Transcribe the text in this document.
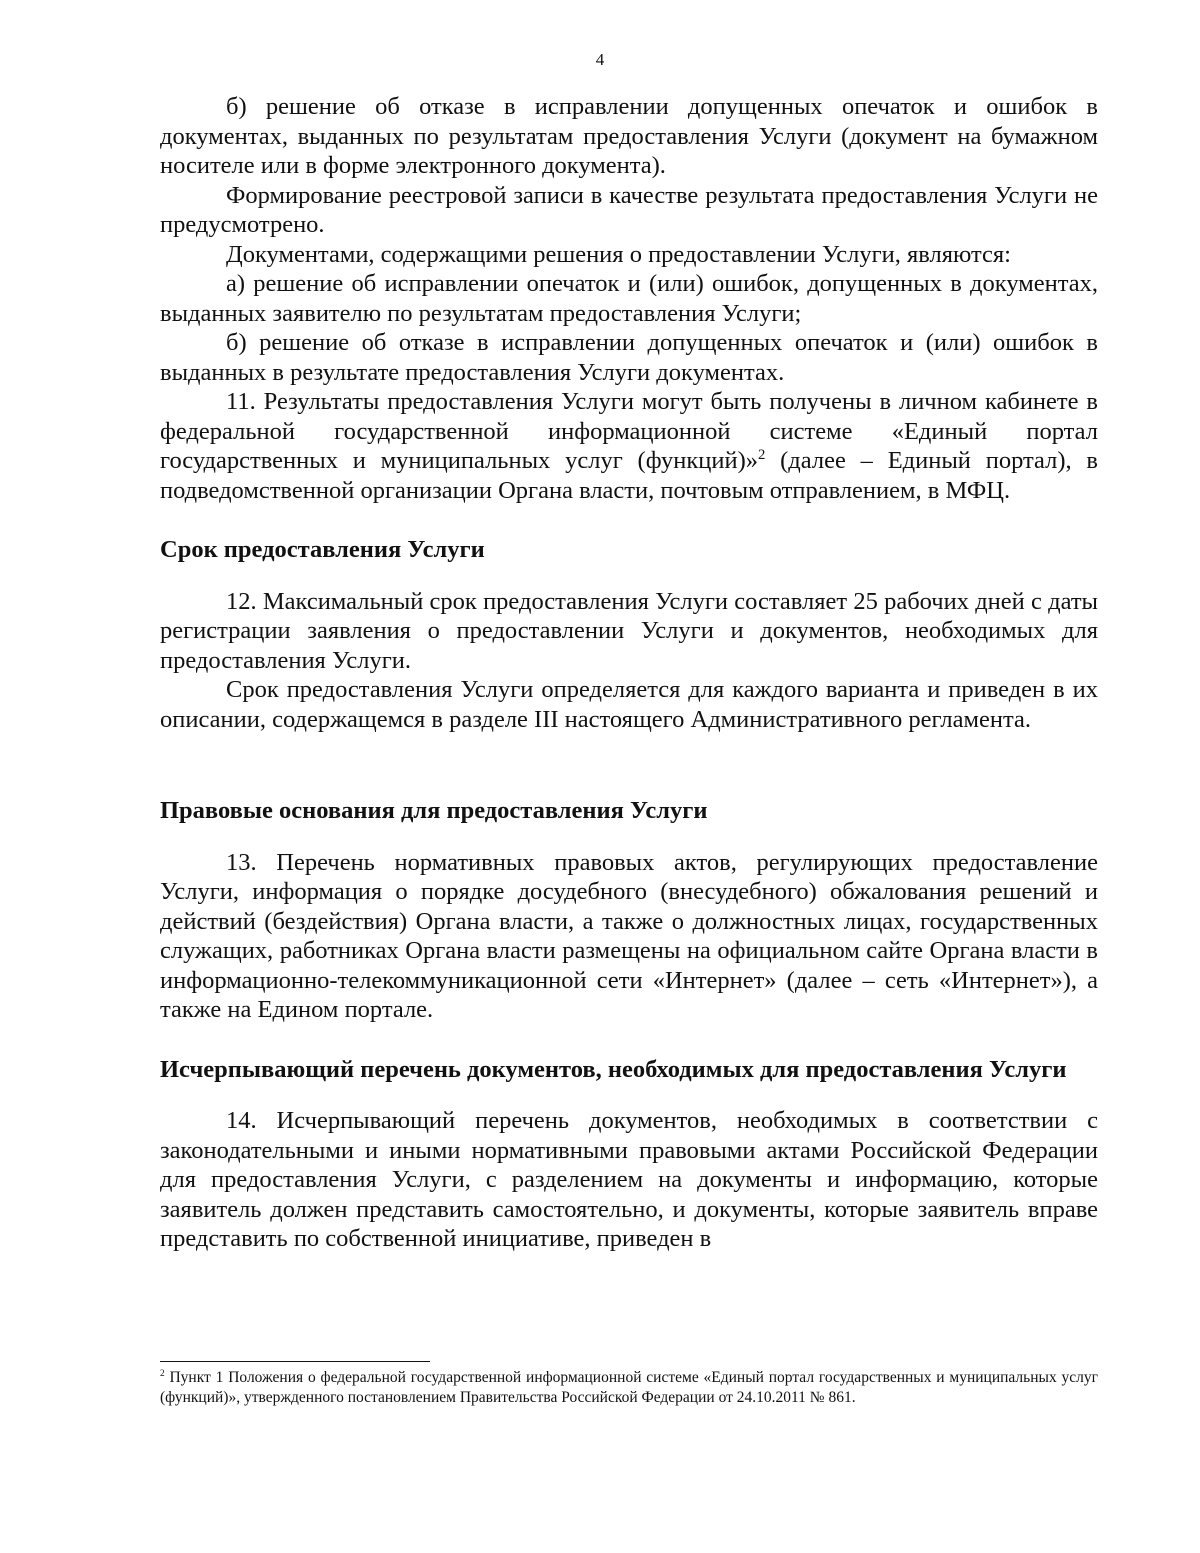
4

б) решение об отказе в исправлении допущенных опечаток и ошибок в документах, выданных по результатам предоставления Услуги (документ на бумажном носителе или в форме электронного документа).

Формирование реестровой записи в качестве результата предоставления Услуги не предусмотрено.

Документами, содержащими решения о предоставлении Услуги, являются:

а) решение об исправлении опечаток и (или) ошибок, допущенных в документах, выданных заявителю по результатам предоставления Услуги;

б) решение об отказе в исправлении допущенных опечаток и (или) ошибок в выданных в результате предоставления Услуги документах.

11. Результаты предоставления Услуги могут быть получены в личном кабинете в федеральной государственной информационной системе «Единый портал государственных и муниципальных услуг (функций)»$^2$ (далее – Единый портал), в подведомственной организации Органа власти, почтовым отправлением, в МФЦ.

Срок предоставления Услуги

12. Максимальный срок предоставления Услуги составляет 25 рабочих дней с даты регистрации заявления о предоставлении Услуги и документов, необходимых для предоставления Услуги.

Срок предоставления Услуги определяется для каждого варианта и приведен в их описании, содержащемся в разделе III настоящего Административного регламента.

Правовые основания для предоставления Услуги

13. Перечень нормативных правовых актов, регулирующих предоставление Услуги, информация о порядке досудебного (внесудебного) обжалования решений и действий (бездействия) Органа власти, а также о должностных лицах, государственных служащих, работниках Органа власти размещены на официальном сайте Органа власти в информационно-телекоммуникационной сети «Интернет» (далее – сеть «Интернет»), а также на Едином портале.

Исчерпывающий перечень документов, необходимых для предоставления Услуги

14. Исчерпывающий перечень документов, необходимых в соответствии с законодательными и иными нормативными правовыми актами Российской Федерации для предоставления Услуги, с разделением на документы и информацию, которые заявитель должен представить самостоятельно, и документы, которые заявитель вправе представить по собственной инициативе, приведен в

$^2$ Пункт 1 Положения о федеральной государственной информационной системе «Единый портал государственных и муниципальных услуг (функций)», утвержденного постановлением Правительства Российской Федерации от 24.10.2011 № 861.
